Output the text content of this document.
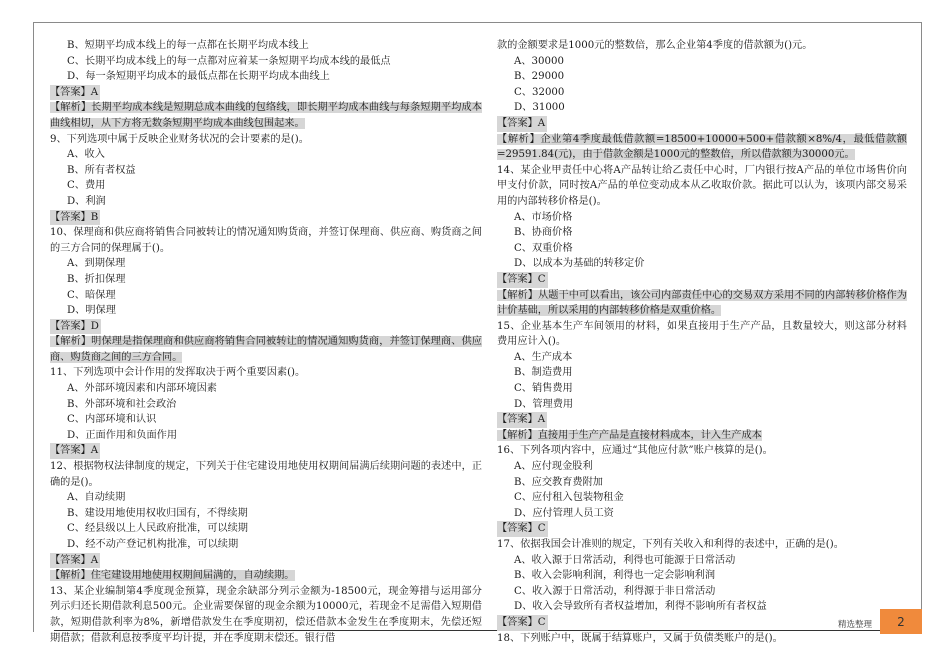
B、短期平均成本线上的每一点都在长期平均成本线上
C、长期平均成本线上的每一点都对应着某一条短期平均成本线的最低点
D、每一条短期平均成本的最低点都在长期平均成本曲线上
【答案】A
【解析】长期平均成本线是短期总成本曲线的包络线，即长期平均成本曲线与每条短期平均成本曲线相切，从下方将无数条短期平均成本曲线包围起来。
9、下列选项中属于反映企业财务状况的会计要素的是()。
A、收入
B、所有者权益
C、费用
D、利润
【答案】B
10、保理商和供应商将销售合同被转让的情况通知购货商，并签订保理商、供应商、购货商之间的三方合同的保理属于()。
A、到期保理
B、折扣保理
C、暗保理
D、明保理
【答案】D
【解析】明保理是指保理商和供应商将销售合同被转让的情况通知购货商，并签订保理商、供应商、购货商之间的三方合同。
11、下列选项中会计作用的发挥取决于两个重要因素()。
A、外部环境因素和内部环境因素
B、外部环境和社会政治
C、内部环境和认识
D、正面作用和负面作用
【答案】A
12、根据物权法律制度的规定，下列关于住宅建设用地使用权期间届满后续期问题的表述中，正确的是()。
A、自动续期
B、建设用地使用权收归国有，不得续期
C、经县级以上人民政府批准，可以续期
D、经不动产登记机构批准，可以续期
【答案】A
【解析】住宅建设用地使用权期间届满的，自动续期。
13、某企业编制第4季度现金预算，现金余缺部分列示金额为-18500元，现金筹措与运用部分列示归还长期借款利息500元。企业需要保留的现金余额为10000元，若现金不足需借入短期借款，短期借款利率为8%，新增借款发生在季度期初，偿还借款本金发生在季度期末，先偿还短期借款；借款利息按季度平均计提，并在季度期末偿还。银行借
款的金额要求是1000元的整数倍，那么企业第4季度的借款额为()元。
A、30000
B、29000
C、32000
D、31000
【答案】A
【解析】企业第4季度最低借款额=18500+10000+500+借款额×8%/4，最低借款额=29591.84(元)，由于借款金额是1000元的整数倍，所以借款额为30000元。
14、某企业甲责任中心将A产品转让给乙责任中心时，厂内银行按A产品的单位市场售价向甲支付价款，同时按A产品的单位变动成本从乙收取价款。据此可以认为，该项内部交易采用的内部转移价格是()。
A、市场价格
B、协商价格
C、双重价格
D、以成本为基础的转移定价
【答案】C
【解析】从题干中可以看出，该公司内部责任中心的交易双方采用不同的内部转移价格作为计价基础，所以采用的内部转移价格是双重价格。
15、企业基本生产车间领用的材料，如果直接用于生产产品，且数量较大，则这部分材料费用应计入()。
A、生产成本
B、制造费用
C、销售费用
D、管理费用
【答案】A
【解析】直接用于生产产品是直接材料成本，计入生产成本
16、下列各项内容中，应通过“其他应付款”账户核算的是()。
A、应付现金股利
B、应交教育费附加
C、应付租入包装物租金
D、应付管理人员工资
【答案】C
17、依据我国会计准则的规定，下列有关收入和利得的表述中，正确的是()。
A、收入源于日常活动，利得也可能源于日常活动
B、收入会影响利润，利得也一定会影响利润
C、收入源于日常活动，利得源于非日常活动
D、收入会导致所有者权益增加，利得不影响所有者权益
【答案】C
18、下列账户中，既属于结算账户，又属于负债类账户的是()。
精选整理	2
